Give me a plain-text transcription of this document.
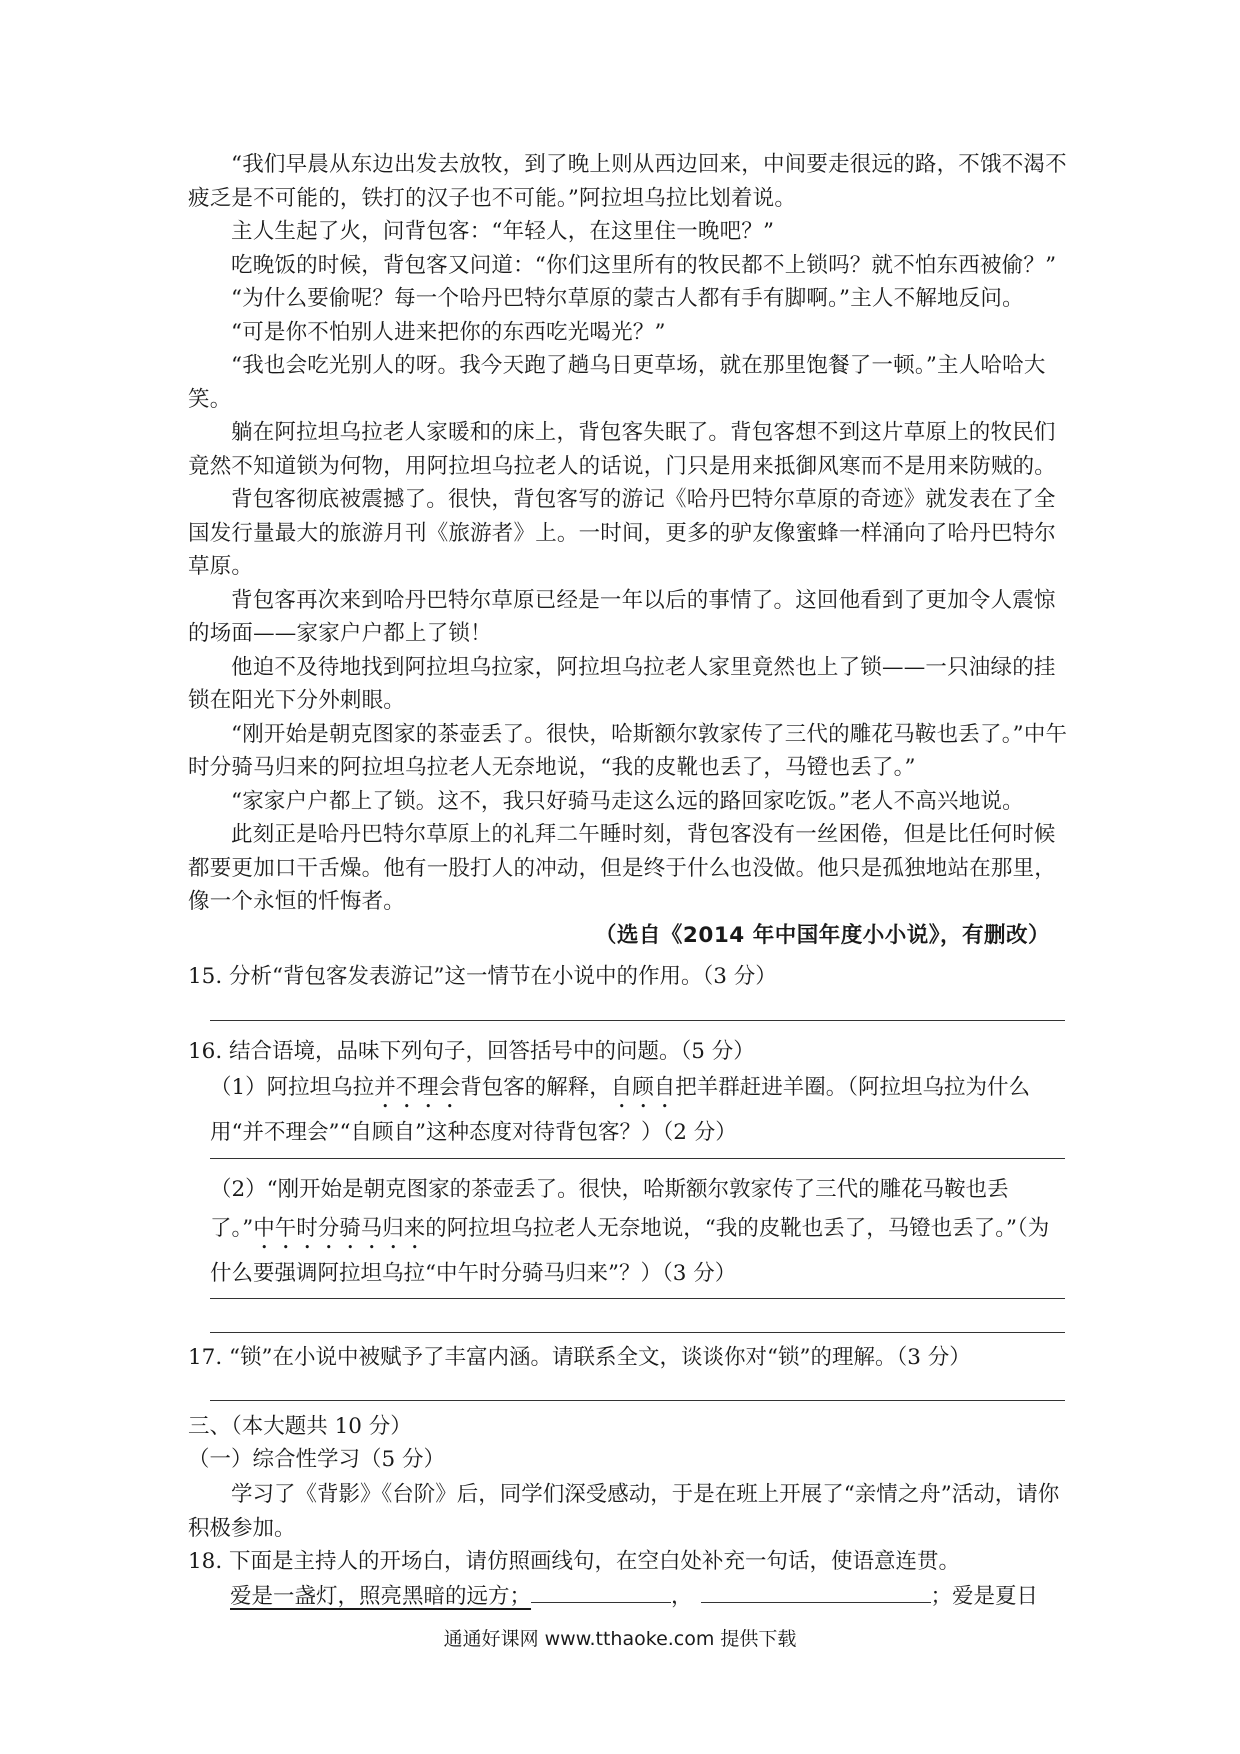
“我们早晨从东边出发去放牧，到了晚上则从西边回来，中间要走很远的路，不饿不渴不疲乏是不可能的，铁打的汉子也不可能。”阿拉坦乌拉比划着说。

主人生起了火，问背包客：“年轻人，在这里住一晚吧？”

吃晚饭的时候，背包客又问道：“你们这里所有的牧民都不上锁吗？就不怕东西被偷？”

“为什么要偷呢？每一个哈丹巴特尔草原的蒙古人都有手有脚啊。”主人不解地反问。

“可是你不怕别人进来把你的东西吃光喝光？”

“我也会吃光别人的呀。我今天跑了趟乌日更草场，就在那里饱餐了一顿。”主人哈哈大笑。

躺在阿拉坦乌拉老人家暖和的床上，背包客失眠了。背包客想不到这片草原上的牧民们竟然不知道锁为何物，用阿拉坦乌拉老人的话说，门只是用来抵御风寒而不是用来防贼的。

背包客彻底被震撼了。很快，背包客写的游记《哈丹巴特尔草原的奇迹》就发表在了全国发行量最大的旅游月刊《旅游者》上。一时间，更多的驴友像蜜蜂一样涌向了哈丹巴特尔草原。

背包客再次来到哈丹巴特尔草原已经是一年以后的事情了。这回他看到了更加令人震惊的场面——家家户户都上了锁！

他迫不及待地找到阿拉坦乌拉家，阿拉坦乌拉老人家里竟然也上了锁——一只油绿的挂锁在阳光下分外刺眼。

“刚开始是朝克图家的茶壶丢了。很快，哈斯额尔敦家传了三代的雕花马鞍也丢了。”中午时分骑马归来的阿拉坦乌拉老人无奈地说，“我的皮靴也丢了，马镫也丢了。”

“家家户户都上了锁。这不，我只好骑马走这么远的路回家吃饭。”老人不高兴地说。

此刻正是哈丹巴特尔草原上的礼拜二午睡时刻，背包客没有一丝困倦，但是比任何时候都要更加口干舌燥。他有一股打人的冲动，但是终于什么也没做。他只是孤独地站在那里，像一个永恒的忏悔者。

（选自《2014 年中国年度小小说》，有删改）

15. 分析“背包客发表游记”这一情节在小说中的作用。（3 分）

16. 结合语境，品味下列句子，回答括号中的问题。（5 分）

（1）阿拉坦乌拉并不理会背包客的解释，自顾自把羊群赶进羊圈。（阿拉坦乌拉为什么用“并不理会”“自顾自”这种态度对待背包客？）（2 分）

（2）“刚开始是朝克图家的茶壶丢了。很快，哈斯额尔敦家传了三代的雕花马鞍也丢了。”中午时分骑马归来的阿拉坦乌拉老人无奈地说，“我的皮靴也丢了，马镫也丢了。”（为什么要强调阿拉坦乌拉“中午时分骑马归来”？）（3 分）

17. “锁”在小说中被赋予了丰富内涵。请联系全文，谈谈你对“锁”的理解。（3 分）

三、（本大题共 10 分）

（一）综合性学习（5 分）

学习了《背影》《台阶》后，同学们深受感动，于是在班上开展了“亲情之舟”活动，请你积极参加。

18. 下面是主持人的开场白，请仿照画线句，在空白处补充一句话，使语意连贯。

爱是一盏灯，照亮黑暗的远方；	，	；爱是夏日

通通好课网 www.tthaoke.com 提供下载
